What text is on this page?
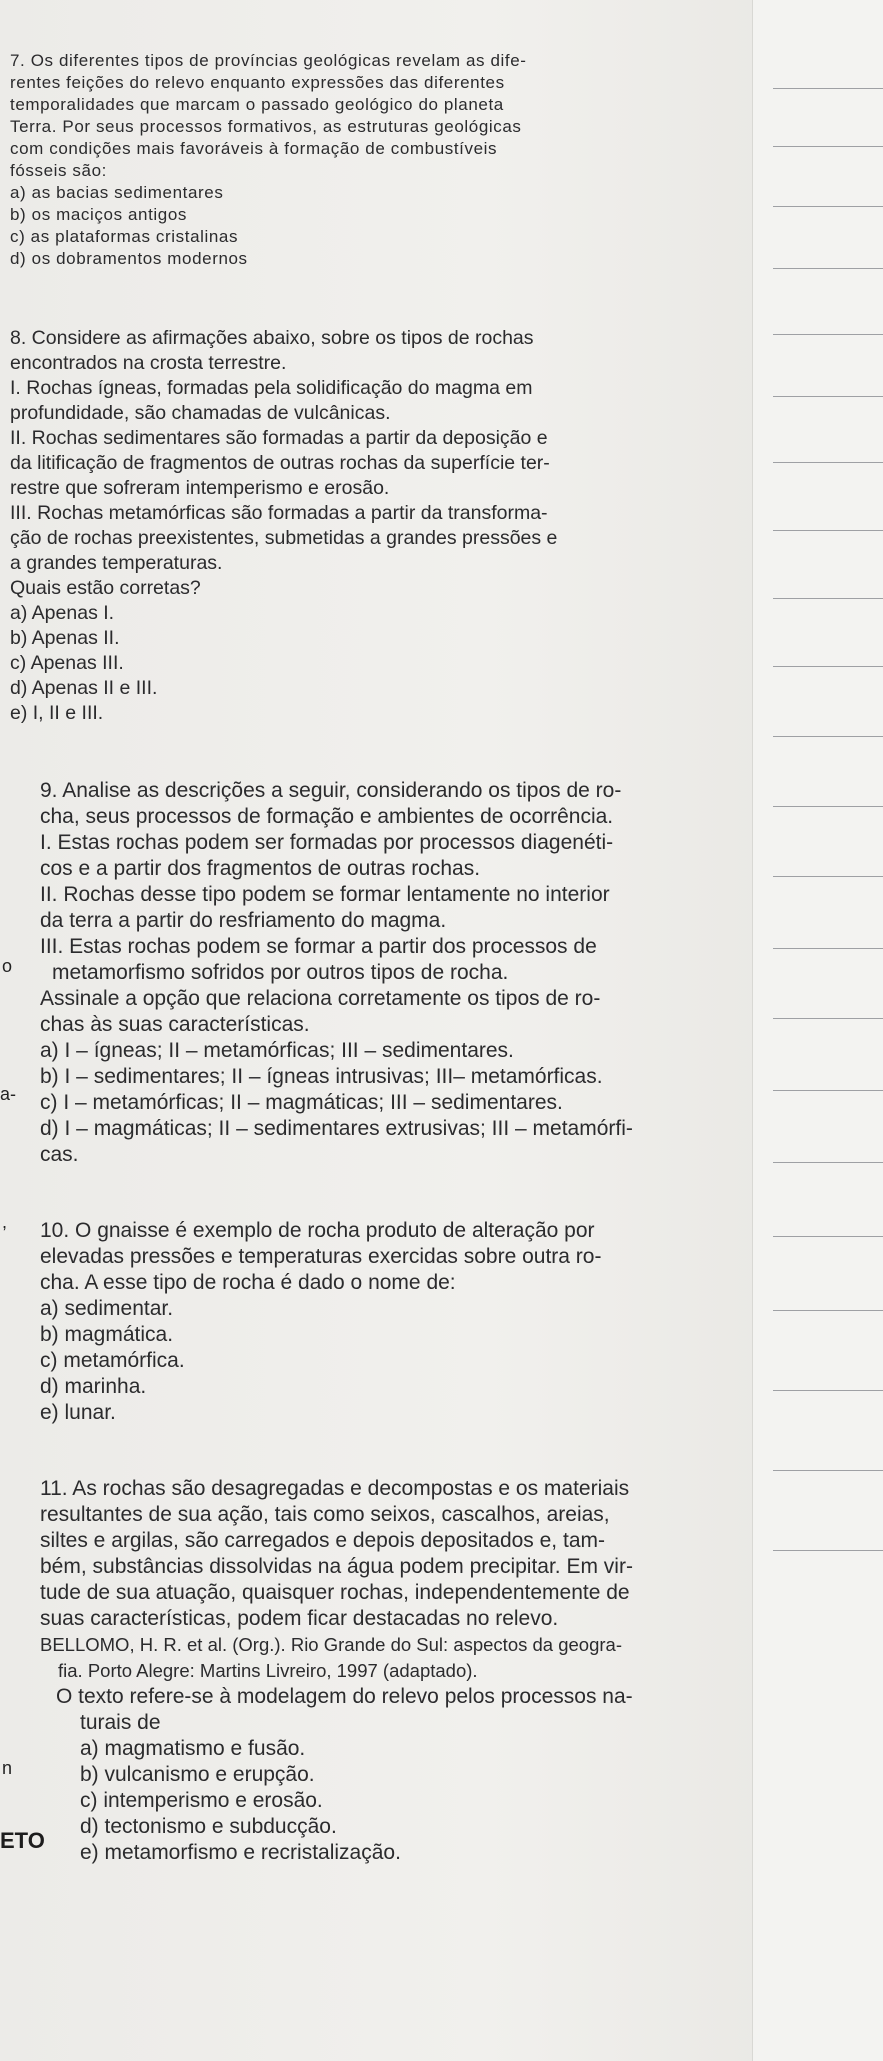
7. Os diferentes tipos de províncias geológicas revelam as dife-

rentes feições do relevo enquanto expressões das diferentes

temporalidades que marcam o passado geológico do planeta

Terra. Por seus processos formativos, as estruturas geológicas

com condições mais favoráveis à formação de combustíveis

fósseis são:

a) as bacias sedimentares

b) os maciços antigos

c) as plataformas cristalinas

d) os dobramentos modernos

8. Considere as afirmações abaixo, sobre os tipos de rochas

encontrados na crosta terrestre.

I. Rochas ígneas, formadas pela solidificação do magma em

profundidade, são chamadas de vulcânicas.

II. Rochas sedimentares são formadas a partir da deposição e

da litificação de fragmentos de outras rochas da superfície ter-

restre que sofreram intemperismo e erosão.

III. Rochas metamórficas são formadas a partir da transforma-

ção de rochas preexistentes, submetidas a grandes pressões e

a grandes temperaturas.

Quais estão corretas?

a) Apenas I.

b) Apenas II.

c) Apenas III.

d) Apenas II e III.

e) I, II e III.

9. Analise as descrições a seguir, considerando os tipos de ro-

cha, seus processos de formação e ambientes de ocorrência.

I. Estas rochas podem ser formadas por processos diagenéti-

cos e a partir dos fragmentos de outras rochas.

II. Rochas desse tipo podem se formar lentamente no interior

da terra a partir do resfriamento do magma.

III. Estas rochas podem se formar a partir dos processos de

metamorfismo sofridos por outros tipos de rocha.

Assinale a opção que relaciona corretamente os tipos de ro-

chas às suas características.

a) I – ígneas; II – metamórficas; III – sedimentares.

b) I – sedimentares; II – ígneas intrusivas; III– metamórficas.

c) I – metamórficas; II – magmáticas; III – sedimentares.

d) I – magmáticas; II – sedimentares extrusivas; III – metamórfi-

cas.

10. O gnaisse é exemplo de rocha produto de alteração por

elevadas pressões e temperaturas exercidas sobre outra ro-

cha. A esse tipo de rocha é dado o nome de:

a) sedimentar.

b) magmática.

c) metamórfica.

d) marinha.

e) lunar.

11. As rochas são desagregadas e decompostas e os materiais

resultantes de sua ação, tais como seixos, cascalhos, areias,

siltes e argilas, são carregados e depois depositados e, tam-

bém, substâncias dissolvidas na água podem precipitar. Em vir-

tude de sua atuação, quaisquer rochas, independentemente de

suas características, podem ficar destacadas no relevo.

BELLOMO, H. R. et al. (Org.). Rio Grande do Sul: aspectos da geogra-

fia. Porto Alegre: Martins Livreiro, 1997 (adaptado).

O texto refere-se à modelagem do relevo pelos processos na-

turais de

a) magmatismo e fusão.

b) vulcanismo e erupção.

c) intemperismo e erosão.

d) tectonismo e subducção.

e) metamorfismo e recristalização.

o
a-
,
n
ETO
